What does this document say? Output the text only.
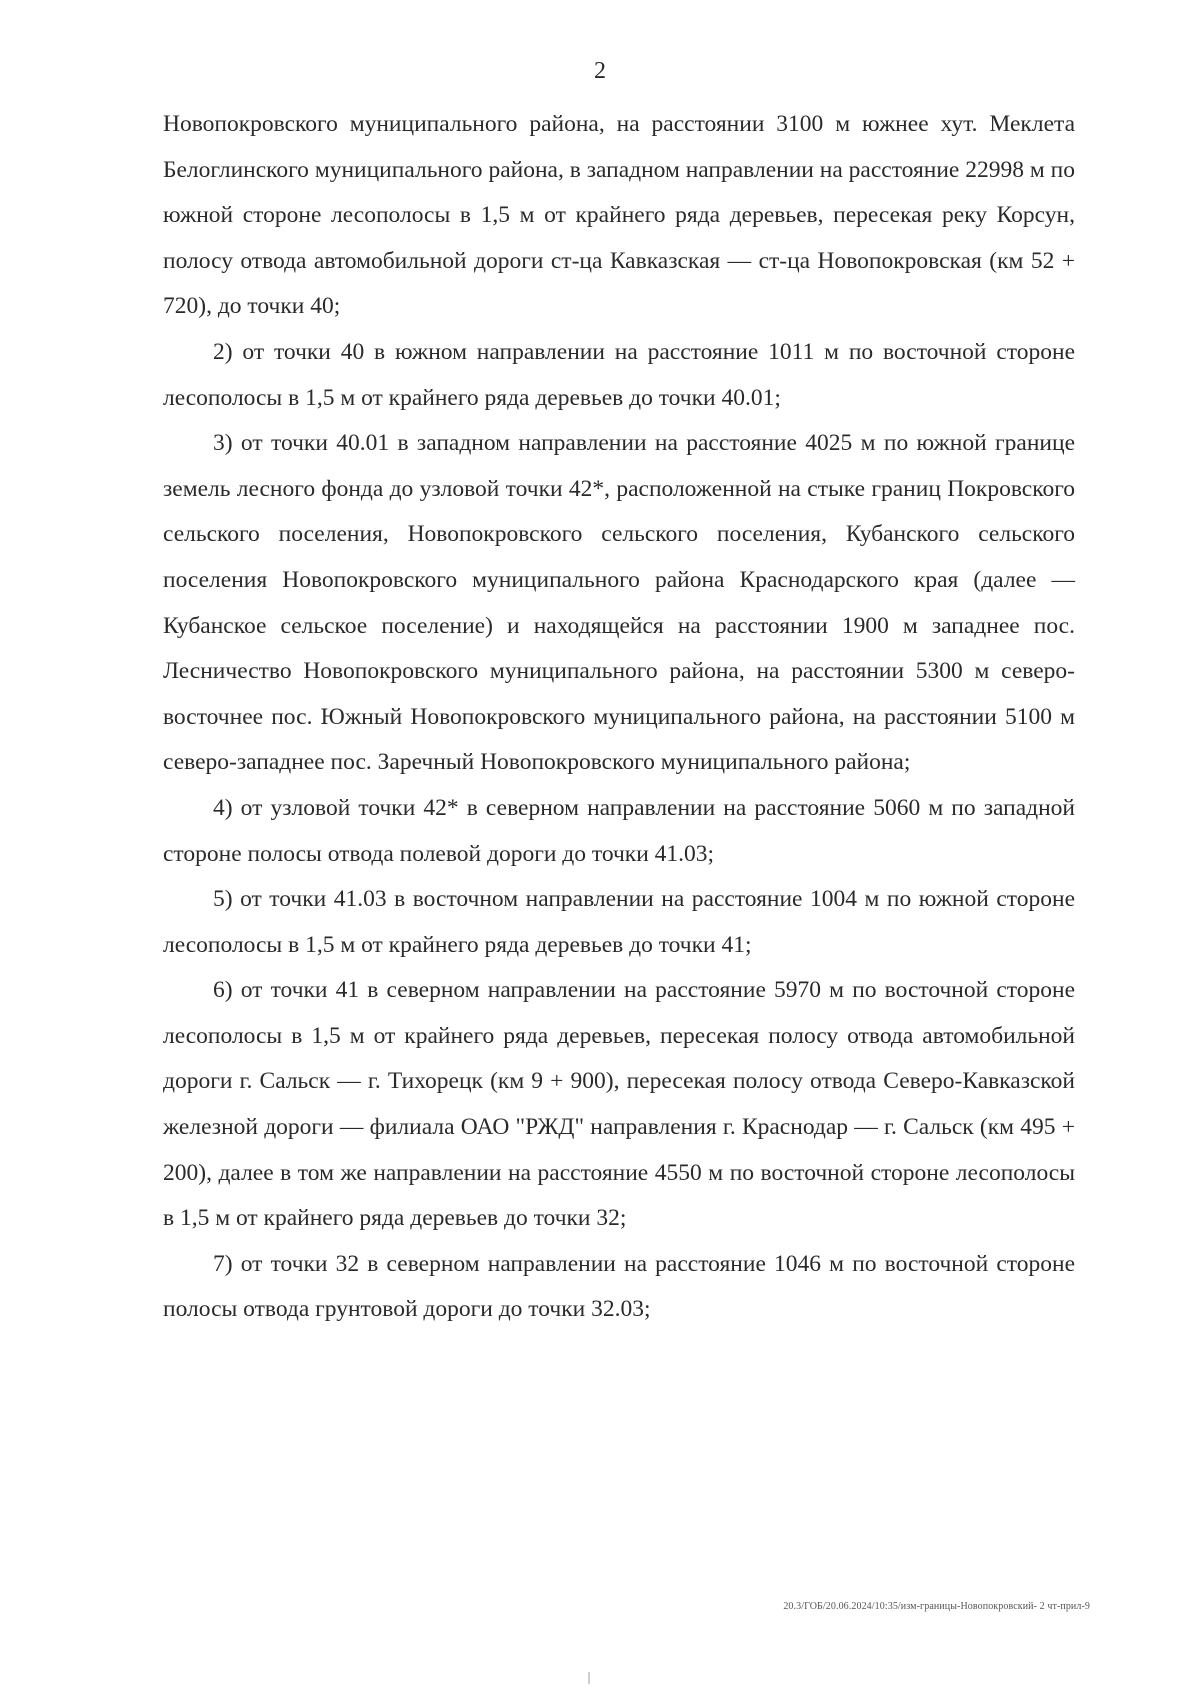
2

Новопокровского муниципального района, на расстоянии 3100 м южнее хут. Меклета Белоглинского муниципального района, в западном направлении на расстояние 22998 м по южной стороне лесополосы в 1,5 м от крайнего ряда деревьев, пересекая реку Корсун, полосу отвода автомобильной дороги ст-ца Кавказская — ст-ца Новопокровская (км 52 + 720), до точки 40;

2) от точки 40 в южном направлении на расстояние 1011 м по восточной стороне лесополосы в 1,5 м от крайнего ряда деревьев до точки 40.01;

3) от точки 40.01 в западном направлении на расстояние 4025 м по южной границе земель лесного фонда до узловой точки 42*, расположенной на стыке границ Покровского сельского поселения, Новопокровского сельского поселения, Кубанского сельского поселения Новопокровского муниципального района Краснодарского края (далее — Кубанское сельское поселение) и находящейся на расстоянии 1900 м западнее пос. Лесничество Новопокровского муниципального района, на расстоянии 5300 м северо-восточнее пос. Южный Новопокровского муниципального района, на расстоянии 5100 м северо-западнее пос. Заречный Новопокровского муниципального района;

4) от узловой точки 42* в северном направлении на расстояние 5060 м по западной стороне полосы отвода полевой дороги до точки 41.03;

5) от точки 41.03 в восточном направлении на расстояние 1004 м по южной стороне лесополосы в 1,5 м от крайнего ряда деревьев до точки 41;

6) от точки 41 в северном направлении на расстояние 5970 м по восточной стороне лесополосы в 1,5 м от крайнего ряда деревьев, пересекая полосу отвода автомобильной дороги г. Сальск — г. Тихорецк (км 9 + 900), пересекая полосу отвода Северо-Кавказской железной дороги — филиала ОАО "РЖД" направления г. Краснодар — г. Сальск (км 495 + 200), далее в том же направлении на расстояние 4550 м по восточной стороне лесополосы в 1,5 м от крайнего ряда деревьев до точки 32;

7) от точки 32 в северном направлении на расстояние 1046 м по восточной стороне полосы отвода грунтовой дороги до точки 32.03;

20.3/ГОБ/20.06.2024/10:35/изм-границы-Новопокровский- 2 чт-прил-9
